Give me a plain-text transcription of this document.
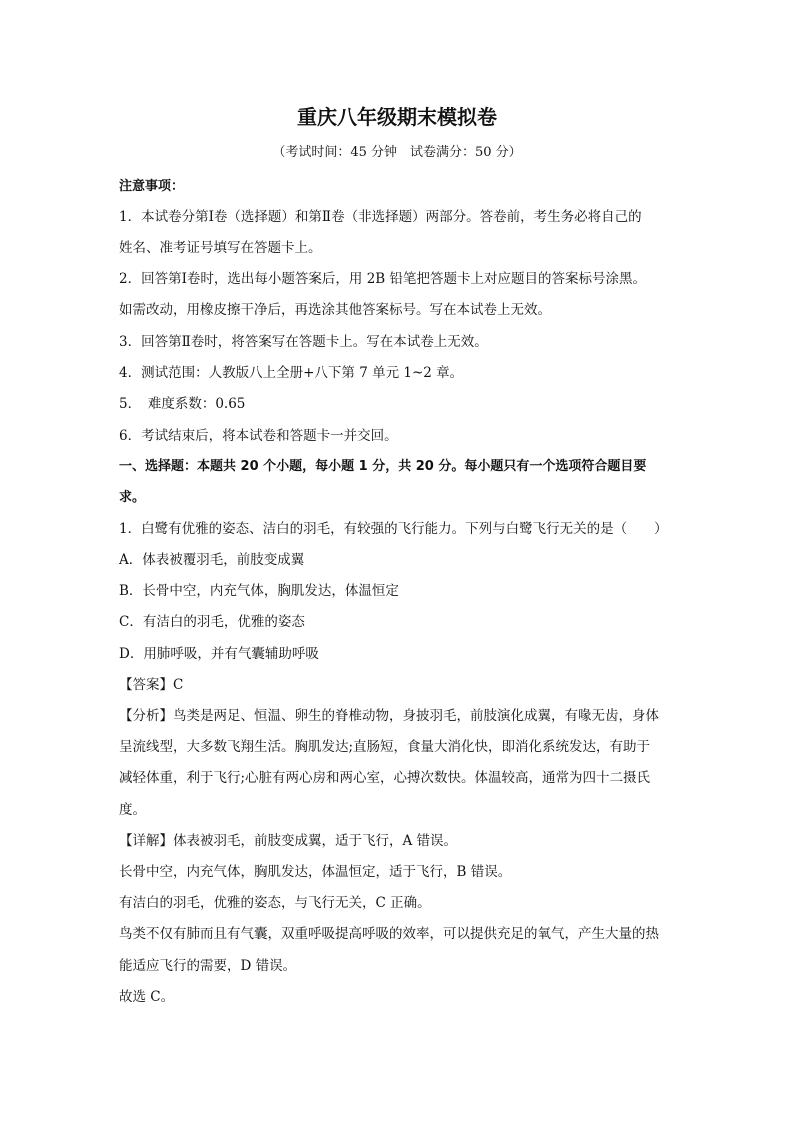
重庆八年级期末模拟卷
（考试时间：45 分钟　试卷满分：50 分）
注意事项：
1．本试卷分第Ⅰ卷（选择题）和第Ⅱ卷（非选择题）两部分。答卷前，考生务必将自己的
姓名、准考证号填写在答题卡上。
2．回答第Ⅰ卷时，选出每小题答案后，用 2B 铅笔把答题卡上对应题目的答案标号涂黑。
如需改动，用橡皮擦干净后，再选涂其他答案标号。写在本试卷上无效。
3．回答第Ⅱ卷时，将答案写在答题卡上。写在本试卷上无效。
4．测试范围：人教版八上全册+八下第 7 单元 1~2 章。
5．　难度系数：0.65
6．考试结束后，将本试卷和答题卡一并交回。
一、选择题：本题共 20 个小题，每小题 1 分，共 20 分。每小题只有一个选项符合题目要
求。
1．白鹭有优雅的姿态、洁白的羽毛，有较强的飞行能力。下列与白鹭飞行无关的是（　　）
A．体表被覆羽毛，前肢变成翼
B．长骨中空，内充气体，胸肌发达，体温恒定
C．有洁白的羽毛，优雅的姿态
D．用肺呼吸，并有气囊辅助呼吸
【答案】C
【分析】鸟类是两足、恒温、卵生的脊椎动物，身披羽毛，前肢演化成翼，有喙无齿，身体
呈流线型，大多数飞翔生活。胸肌发达;直肠短，食量大消化快，即消化系统发达，有助于
减轻体重，利于飞行;心脏有两心房和两心室，心搏次数快。体温较高，通常为四十二摄氏
度。
【详解】体表被羽毛，前肢变成翼，适于飞行，A 错误。
长骨中空，内充气体，胸肌发达，体温恒定，适于飞行，B 错误。
有洁白的羽毛，优雅的姿态，与飞行无关，C 正确。
鸟类不仅有肺而且有气囊，双重呼吸提高呼吸的效率，可以提供充足的氧气，产生大量的热
能适应飞行的需要，D 错误。
故选 C。
